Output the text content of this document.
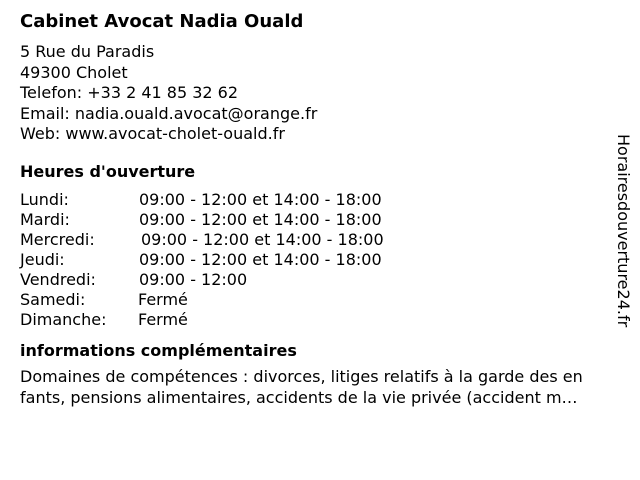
Cabinet Avocat Nadia Ouald
5 Rue du Paradis
49300 Cholet
Telefon: +33 2 41 85 32 62
Email: nadia.ouald.avocat@orange.fr
Web: www.avocat-cholet-ouald.fr
Heures d'ouverture
Lundi:	09:00 - 12:00 et 14:00 - 18:00
Mardi:	09:00 - 12:00 et 14:00 - 18:00
Mercredi:	09:00 - 12:00 et 14:00 - 18:00
Jeudi:	09:00 - 12:00 et 14:00 - 18:00
Vendredi:	09:00 - 12:00
Samedi:	Fermé
Dimanche: Fermé
informations complémentaires
Domaines de compétences : divorces, litiges relatifs à la garde des en
fants, pensions alimentaires, accidents de la vie privée (accident m…
Horairesdouverture24.fr
